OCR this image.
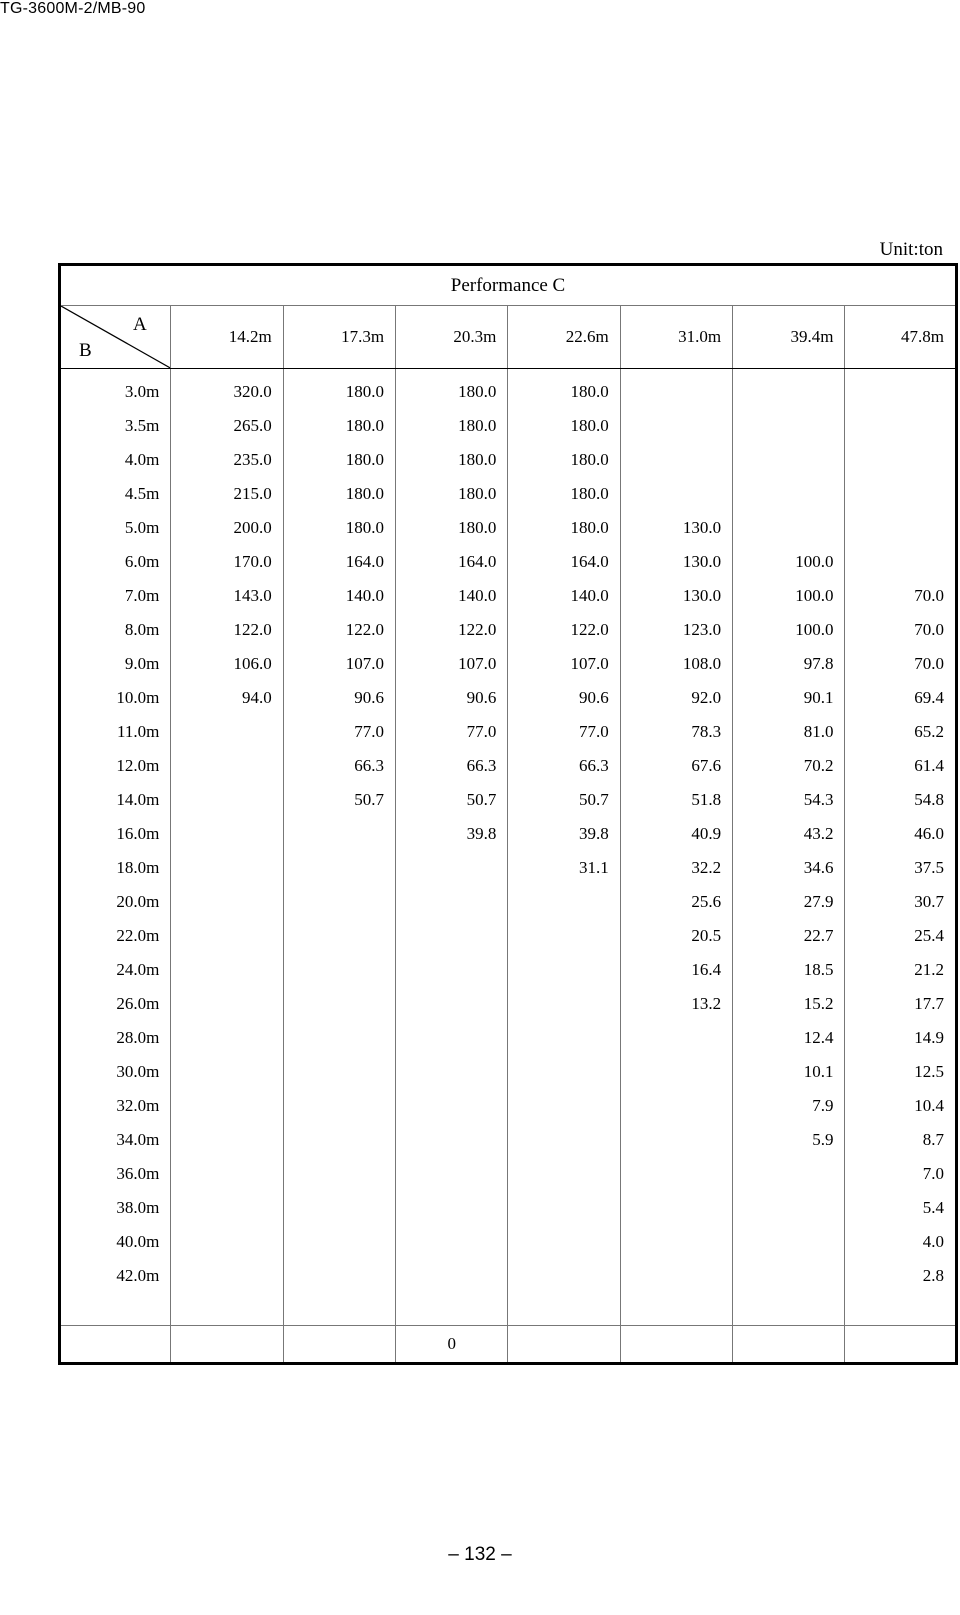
TG-3600M-2/MB-90
Unit:ton
Performance C							

A
B	14.2m	17.3m	20.3m	22.6m	31.0m	39.4m	47.8m
3.0m	320.0	180.0	180.0	180.0			
3.5m	265.0	180.0	180.0	180.0			
4.0m	235.0	180.0	180.0	180.0			
4.5m	215.0	180.0	180.0	180.0			
5.0m	200.0	180.0	180.0	180.0	130.0		
6.0m	170.0	164.0	164.0	164.0	130.0	100.0	
7.0m	143.0	140.0	140.0	140.0	130.0	100.0	70.0
8.0m	122.0	122.0	122.0	122.0	123.0	100.0	70.0
9.0m	106.0	107.0	107.0	107.0	108.0	97.8	70.0
10.0m	94.0	90.6	90.6	90.6	92.0	90.1	69.4
11.0m		77.0	77.0	77.0	78.3	81.0	65.2
12.0m		66.3	66.3	66.3	67.6	70.2	61.4
14.0m		50.7	50.7	50.7	51.8	54.3	54.8
16.0m			39.8	39.8	40.9	43.2	46.0
18.0m				31.1	32.2	34.6	37.5
20.0m					25.6	27.9	30.7
22.0m					20.5	22.7	25.4
24.0m					16.4	18.5	21.2
26.0m					13.2	15.2	17.7
28.0m						12.4	14.9
30.0m						10.1	12.5
32.0m						7.9	10.4
34.0m						5.9	8.7
36.0m							7.0
38.0m							5.4
40.0m							4.0
42.0m							2.8

			0				
– 132 –
